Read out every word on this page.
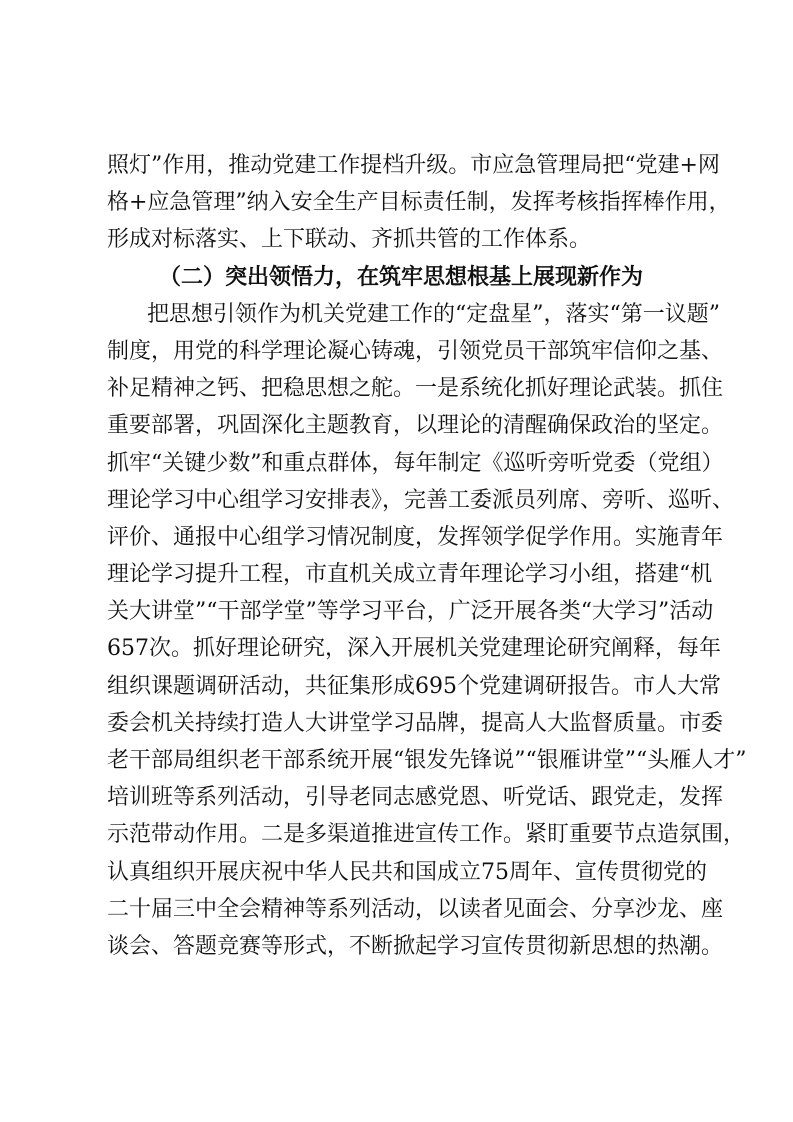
照灯”作用，推动党建工作提档升级。市应急管理局把“党建+网
格+应急管理”纳入安全生产目标责任制，发挥考核指挥棒作用，
形成对标落实、上下联动、齐抓共管的工作体系。
（二）突出领悟力，在筑牢思想根基上展现新作为
把思想引领作为机关党建工作的“定盘星”，落实“第一议题”
制度，用党的科学理论凝心铸魂，引领党员干部筑牢信仰之基、
补足精神之钙、把稳思想之舵。一是系统化抓好理论武装。抓住
重要部署，巩固深化主题教育，以理论的清醒确保政治的坚定。
抓牢“关键少数”和重点群体，每年制定《巡听旁听党委（党组）
理论学习中心组学习安排表》，完善工委派员列席、旁听、巡听、
评价、通报中心组学习情况制度，发挥领学促学作用。实施青年
理论学习提升工程，市直机关成立青年理论学习小组，搭建“机
关大讲堂”“干部学堂”等学习平台，广泛开展各类“大学习”活动
657次。抓好理论研究，深入开展机关党建理论研究阐释，每年
组织课题调研活动，共征集形成695个党建调研报告。市人大常
委会机关持续打造人大讲堂学习品牌，提高人大监督质量。市委
老干部局组织老干部系统开展“银发先锋说”“银雁讲堂”“头雁人才”
培训班等系列活动，引导老同志感党恩、听党话、跟党走，发挥
示范带动作用。二是多渠道推进宣传工作。紧盯重要节点造氛围，
认真组织开展庆祝中华人民共和国成立75周年、宣传贯彻党的
二十届三中全会精神等系列活动，以读者见面会、分享沙龙、座
谈会、答题竞赛等形式，不断掀起学习宣传贯彻新思想的热潮。
